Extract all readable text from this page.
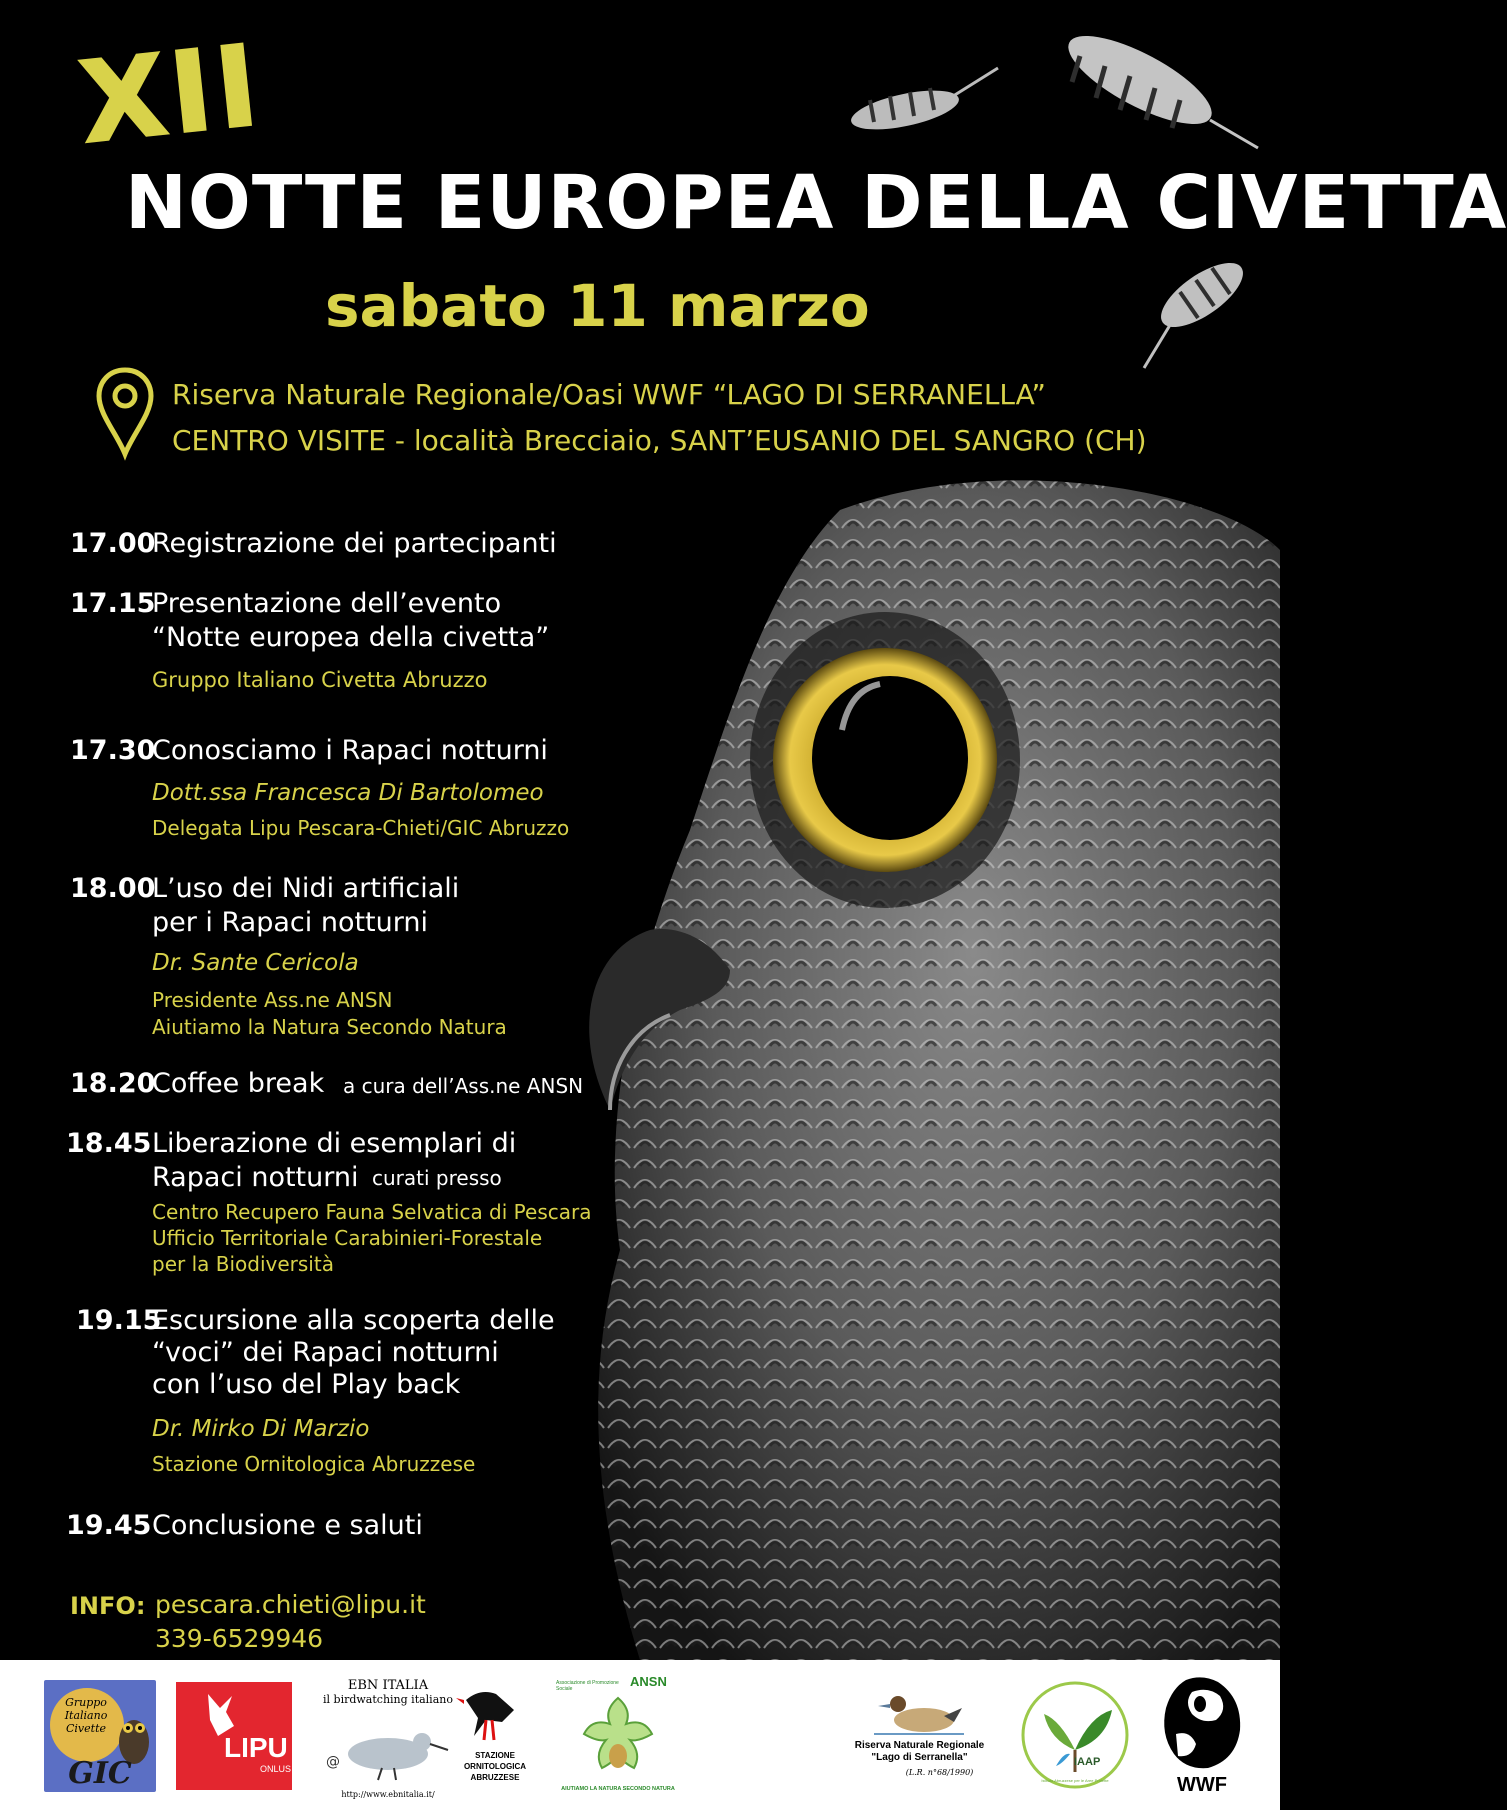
XII
NOTTE EUROPEA DELLA CIVETTA
sabato 11 marzo
Riserva Naturale Regionale/Oasi WWF “LAGO DI SERRANELLA”
CENTRO VISITE - località Brecciaio, SANT’EUSANIO DEL SANGRO (CH)
17.00
Registrazione dei partecipanti
17.15
Presentazione dell’evento
“Notte europea della civetta”
Gruppo Italiano Civetta Abruzzo
17.30
Conosciamo i Rapaci notturni
Dott.ssa Francesca Di Bartolomeo
Delegata Lipu Pescara-Chieti/GIC Abruzzo
18.00
L’uso dei Nidi artificiali
per i Rapaci notturni
Dr. Sante Cericola
Presidente Ass.ne ANSN
Aiutiamo la Natura Secondo Natura
18.20
Coffee break a cura dell’Ass.ne ANSN
18.45 Liberazione di esemplari di
Rapaci notturni curati presso
Centro Recupero Fauna Selvatica di Pescara
Ufficio Territoriale Carabinieri-Forestale
per la Biodiversità
19.15
Escursione alla scoperta delle
“voci” dei Rapaci notturni
con l’uso del Play back
Dr. Mirko Di Marzio
Stazione Ornitologica Abruzzese
19.45 Conclusione e saluti
INFO: pescara.chieti@lipu.it
339-6529946
Gruppo
Italiano
Civette
GIC
LIPU
ONLUS
EBN ITALIA
il birdwatching italiano
@
http://www.ebnitalia.it/
STAZIONE
ORNITOLOGICA
ABRUZZESE
Associazione di Promozione Sociale	ANSN
AIUTIAMO LA NATURA SECONDO NATURA
Riserva Naturale Regionale
"Lago di Serranella"
(L.R. n°68/1990)
IAAP
Istituto Abruzzese per le Aree Protette	WWF
